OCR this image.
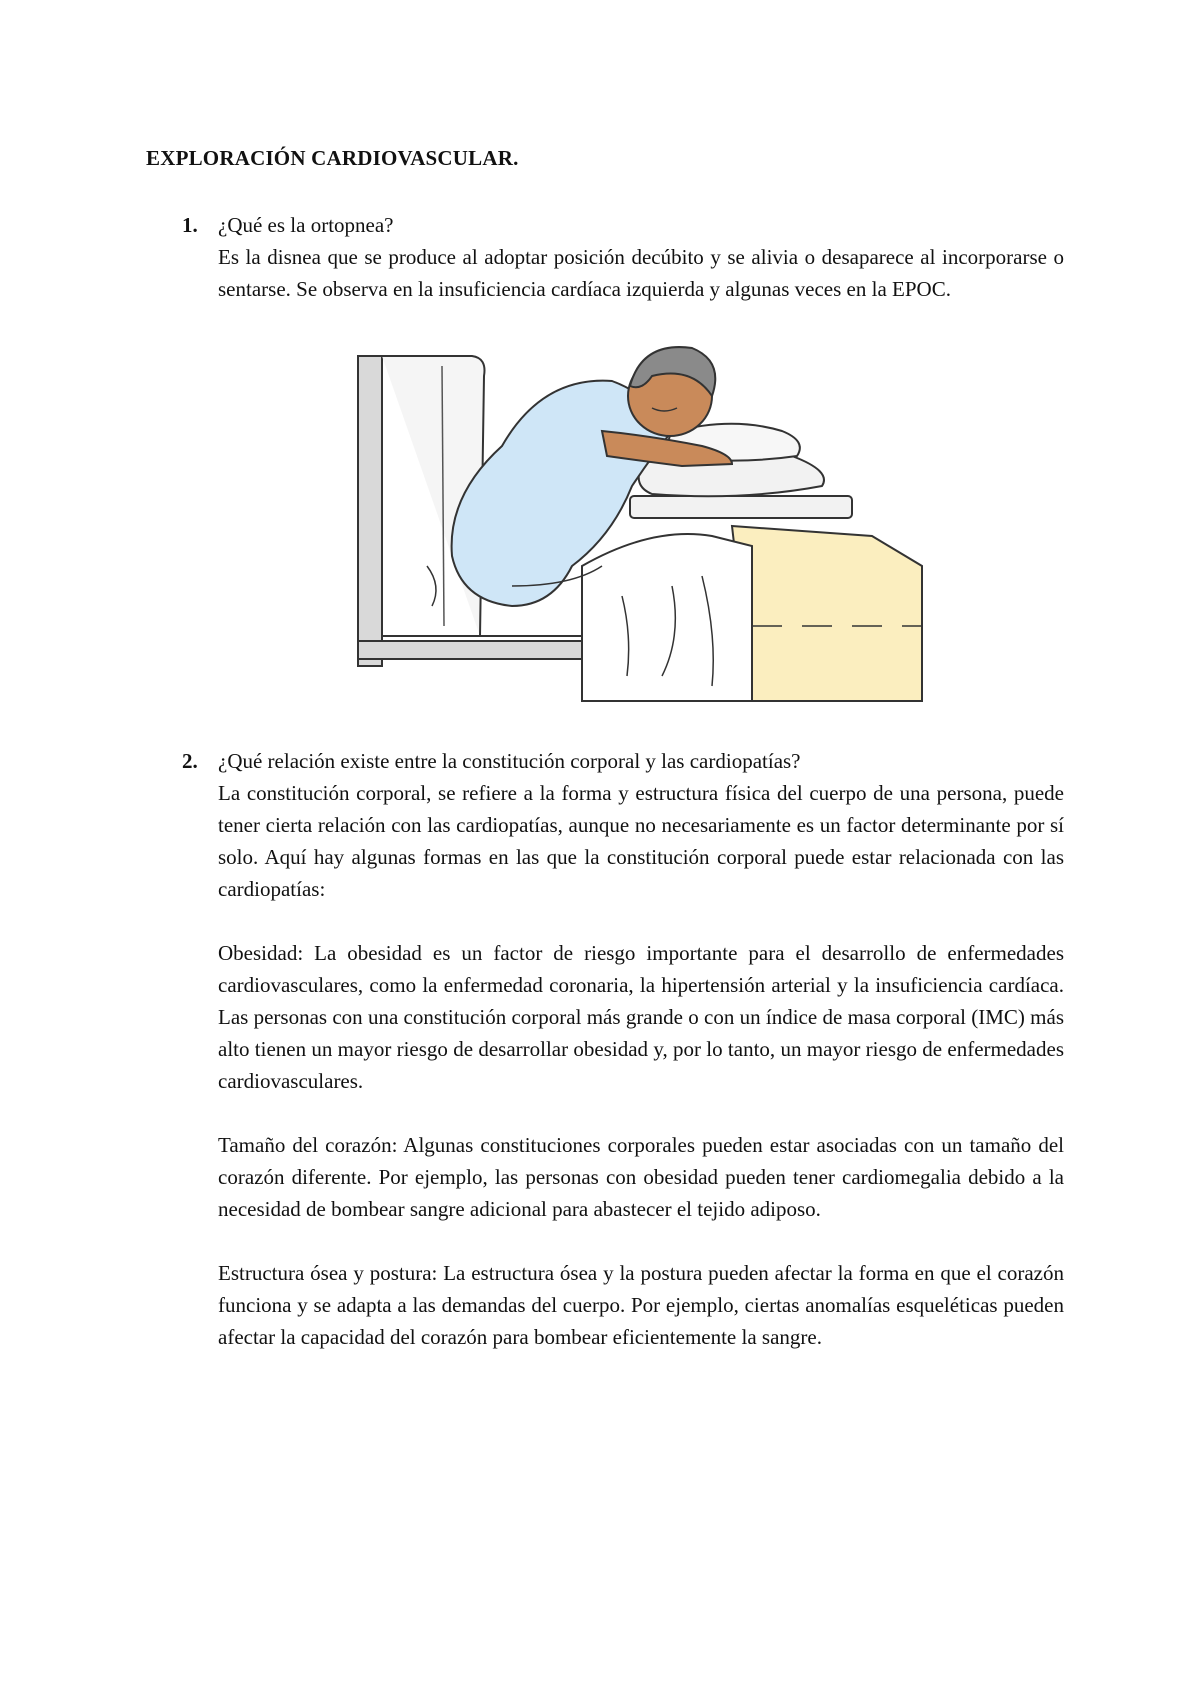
EXPLORACIÓN CARDIOVASCULAR.
1. ¿Qué es la ortopnea?

Es la disnea que se produce al adoptar posición decúbito y se alivia o desaparece al incorporarse o sentarse. Se observa en la insuficiencia cardíaca izquierda y algunas veces en la EPOC.

2. ¿Qué relación existe entre la constitución corporal y las cardiopatías?

La constitución corporal, se refiere a la forma y estructura física del cuerpo de una persona, puede tener cierta relación con las cardiopatías, aunque no necesariamente es un factor determinante por sí solo. Aquí hay algunas formas en las que la constitución corporal puede estar relacionada con las cardiopatías:

Obesidad: La obesidad es un factor de riesgo importante para el desarrollo de enfermedades cardiovasculares, como la enfermedad coronaria, la hipertensión arterial y la insuficiencia cardíaca. Las personas con una constitución corporal más grande o con un índice de masa corporal (IMC) más alto tienen un mayor riesgo de desarrollar obesidad y, por lo tanto, un mayor riesgo de enfermedades cardiovasculares.

Tamaño del corazón: Algunas constituciones corporales pueden estar asociadas con un tamaño del corazón diferente. Por ejemplo, las personas con obesidad pueden tener cardiomegalia debido a la necesidad de bombear sangre adicional para abastecer el tejido adiposo.

Estructura ósea y postura: La estructura ósea y la postura pueden afectar la forma en que el corazón funciona y se adapta a las demandas del cuerpo. Por ejemplo, ciertas anomalías esqueléticas pueden afectar la capacidad del corazón para bombear eficientemente la sangre.
